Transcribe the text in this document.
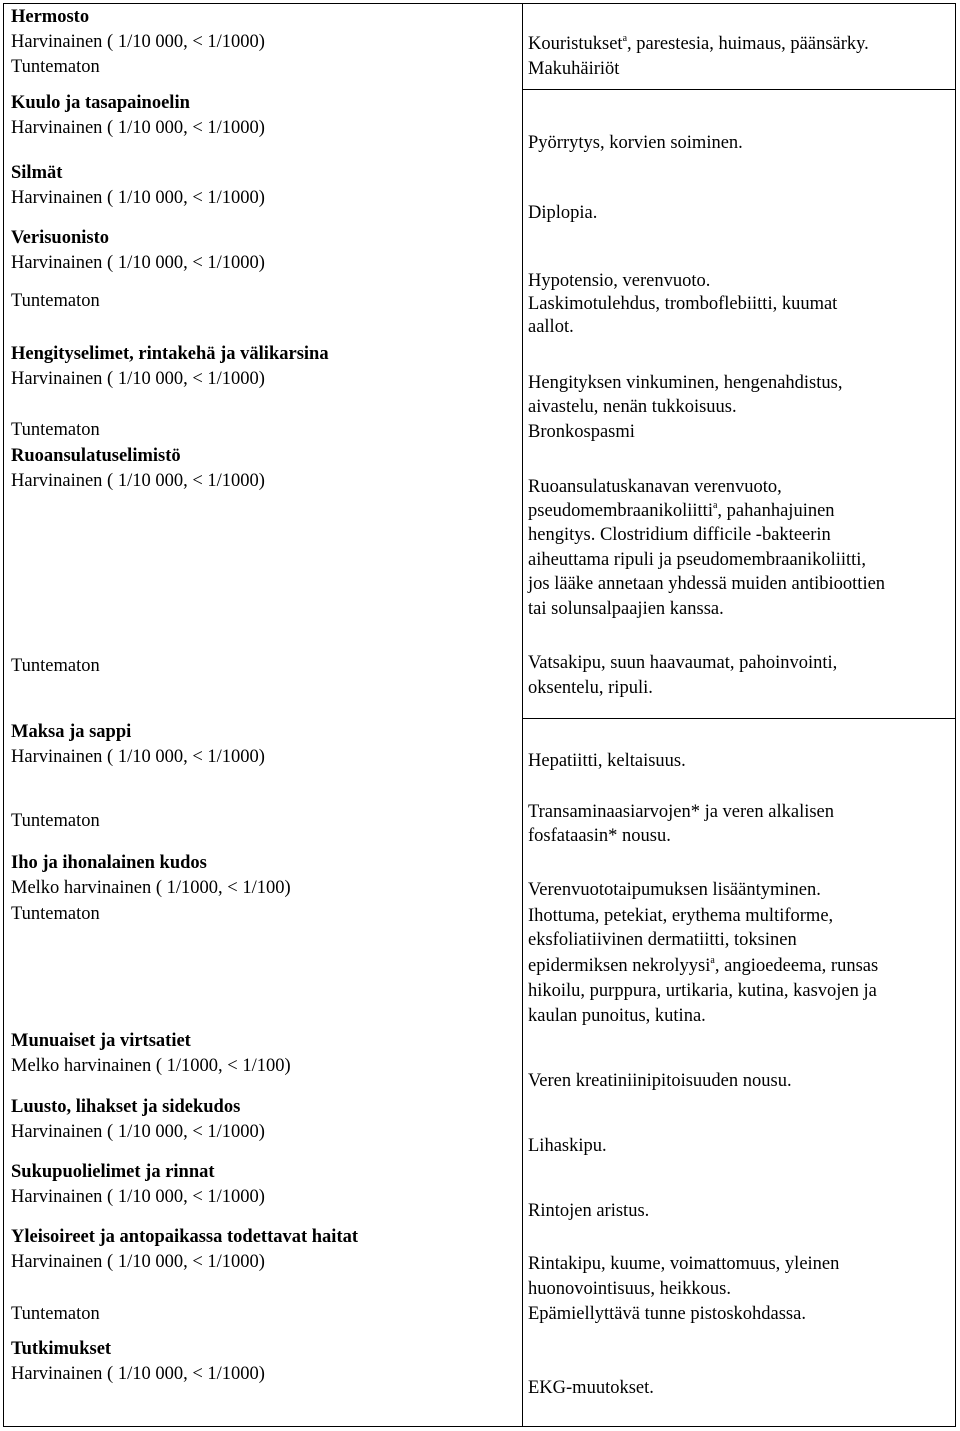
Hermosto
Harvinainen ( 1/10 000, < 1/1000)
Tuntematon
Kuulo ja tasapainoelin
Harvinainen ( 1/10 000, < 1/1000)
Silmät
Harvinainen ( 1/10 000, < 1/1000)
Verisuonisto
Harvinainen ( 1/10 000, < 1/1000)
Tuntematon
Hengityselimet, rintakehä ja välikarsina
Harvinainen ( 1/10 000, < 1/1000)
Tuntematon
Ruoansulatuselimistö
Harvinainen ( 1/10 000, < 1/1000)
Tuntematon
Maksa ja sappi
Harvinainen ( 1/10 000, < 1/1000)
Tuntematon
Iho ja ihonalainen kudos
Melko harvinainen ( 1/1000, < 1/100)
Tuntematon
Munuaiset ja virtsatiet
Melko harvinainen ( 1/1000, < 1/100)
Luusto, lihakset ja sidekudos
Harvinainen ( 1/10 000, < 1/1000)
Sukupuolielimet ja rinnat
Harvinainen ( 1/10 000, < 1/1000)
Yleisoireet ja antopaikassa todettavat haitat
Harvinainen ( 1/10 000, < 1/1000)
Tuntematon
Tutkimukset
Harvinainen ( 1/10 000, < 1/1000)
Kouristukset$^a$, parestesia, huimaus, päänsärky.
Makuhäiriöt
Pyörrytys, korvien soiminen.
Diplopia.
Hypotensio, verenvuoto.
Laskimotulehdus, tromboflebiitti, kuumat
aallot.
Hengityksen vinkuminen, hengenahdistus,
aivastelu, nenän tukkoisuus.
Bronkospasmi
Ruoansulatuskanavan verenvuoto,
pseudomembraanikoliitti$^a$, pahanhajuinen
hengitys. Clostridium difficile -bakteerin
aiheuttama ripuli ja pseudomembraanikoliitti,
jos lääke annetaan yhdessä muiden antibioottien
tai solunsalpaajien kanssa.
Vatsakipu, suun haavaumat, pahoinvointi,
oksentelu, ripuli.
Hepatiitti, keltaisuus.
Transaminaasiarvojen* ja veren alkalisen
fosfataasin* nousu.
Verenvuototaipumuksen lisääntyminen.
Ihottuma, petekiat, erythema multiforme,
eksfoliatiivinen dermatiitti, toksinen
epidermiksen nekrolyysi$^a$, angioedeema, runsas
hikoilu, purppura, urtikaria, kutina, kasvojen ja
kaulan punoitus, kutina.
Veren kreatiniinipitoisuuden nousu.
Lihaskipu.
Rintojen aristus.
Rintakipu, kuume, voimattomuus, yleinen
huonovointisuus, heikkous.
Epämiellyttävä tunne pistoskohdassa.
EKG-muutokset.
